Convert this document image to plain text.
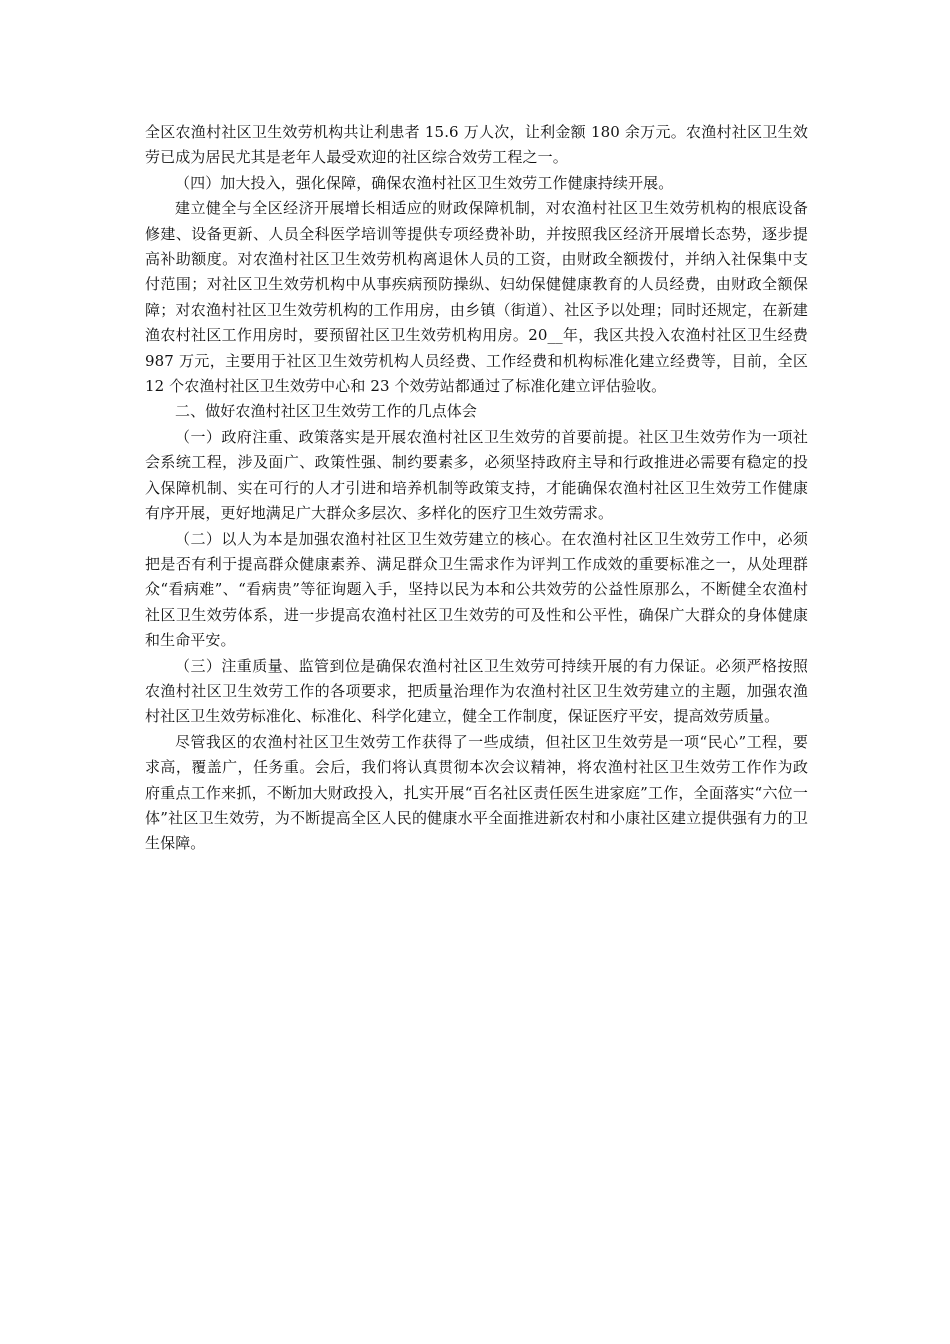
全区农渔村社区卫生效劳机构共让利患者 15.6 万人次，让利金额 180 余万元。农渔村社区卫生效劳已成为居民尤其是老年人最受欢迎的社区综合效劳工程之一。

（四）加大投入，强化保障，确保农渔村社区卫生效劳工作健康持续开展。

建立健全与全区经济开展增长相适应的财政保障机制，对农渔村社区卫生效劳机构的根底设备修建、设备更新、人员全科医学培训等提供专项经费补助，并按照我区经济开展增长态势，逐步提高补助额度。对农渔村社区卫生效劳机构离退休人员的工资，由财政全额拨付，并纳入社保集中支付范围；对社区卫生效劳机构中从事疾病预防操纵、妇幼保健健康教育的人员经费，由财政全额保障；对农渔村社区卫生效劳机构的工作用房，由乡镇（街道）、社区予以处理；同时还规定，在新建渔农村社区工作用房时，要预留社区卫生效劳机构用房。20__年，我区共投入农渔村社区卫生经费 987 万元，主要用于社区卫生效劳机构人员经费、工作经费和机构标准化建立经费等，目前，全区 12 个农渔村社区卫生效劳中心和 23 个效劳站都通过了标准化建立评估验收。

二、做好农渔村社区卫生效劳工作的几点体会

（一）政府注重、政策落实是开展农渔村社区卫生效劳的首要前提。社区卫生效劳作为一项社会系统工程，涉及面广、政策性强、制约要素多，必须坚持政府主导和行政推进必需要有稳定的投入保障机制、实在可行的人才引进和培养机制等政策支持，才能确保农渔村社区卫生效劳工作健康有序开展，更好地满足广大群众多层次、多样化的医疗卫生效劳需求。

（二）以人为本是加强农渔村社区卫生效劳建立的核心。在农渔村社区卫生效劳工作中，必须把是否有利于提高群众健康素养、满足群众卫生需求作为评判工作成效的重要标准之一，从处理群众“看病难”、“看病贵”等征询题入手，坚持以民为本和公共效劳的公益性原那么，不断健全农渔村社区卫生效劳体系，进一步提高农渔村社区卫生效劳的可及性和公平性，确保广大群众的身体健康和生命平安。

（三）注重质量、监管到位是确保农渔村社区卫生效劳可持续开展的有力保证。必须严格按照农渔村社区卫生效劳工作的各项要求，把质量治理作为农渔村社区卫生效劳建立的主题，加强农渔村社区卫生效劳标准化、标准化、科学化建立，健全工作制度，保证医疗平安，提高效劳质量。

尽管我区的农渔村社区卫生效劳工作获得了一些成绩，但社区卫生效劳是一项“民心”工程，要求高，覆盖广，任务重。会后，我们将认真贯彻本次会议精神，将农渔村社区卫生效劳工作作为政府重点工作来抓，不断加大财政投入，扎实开展“百名社区责任医生进家庭”工作，全面落实“六位一体”社区卫生效劳，为不断提高全区人民的健康水平全面推进新农村和小康社区建立提供强有力的卫生保障。
